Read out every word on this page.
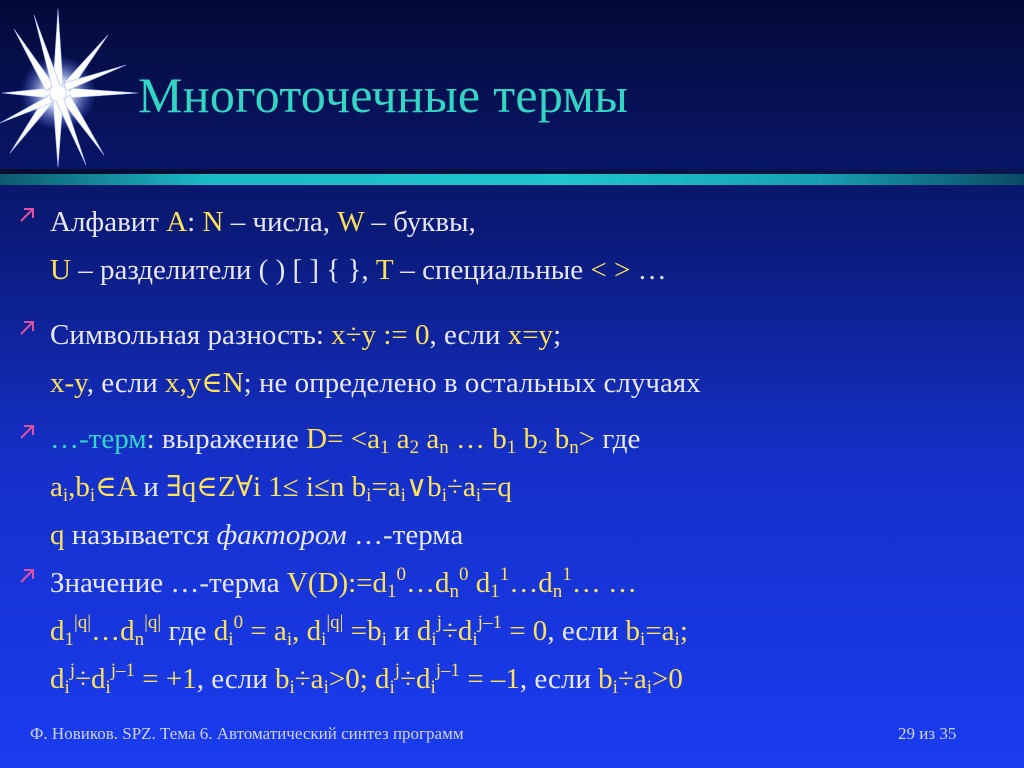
Многоточечные термы
Алфавит A: N – числа, W – буквы,
U – разделители ( ) [ ] { }, T – специальные < > …
Символьная разность: x÷y := 0, если x=y;
x-y, если x,y∈N; не определено в остальных случаях
…-терм: выражение $D= <a_1$ $a_2$ $a_n$ … $b_1$ $b_2$ $b_n>$ где
$a_i,b_i\in A$ и ∃q∈Z∀i 1≤ i≤n $b_i=a_i\vee b_i\div a_i=q$
q называется фактором …-терма
Значение …-терма $V(D):=d_1^0\dots d_n^0$ $d_1^1\dots d_n^1\dots$ …
$d_1^{|q|}\dots d_n^{|q|}$ где $d_i^0 = a_i$, $d_i^{|q|} =b_i$ и $d_i^j\div d_i^{j-1} = 0$, если $b_i=a_i$;
$d_i^j\div d_i^{j-1} = +1$, если $b_i\div a_i>0$; $d_i^j\div d_i^{j-1} = -1$, если $b_i\div a_i>0$
Ф. Новиков. SPZ. Тема 6. Автоматический синтез программ	29 из 35
